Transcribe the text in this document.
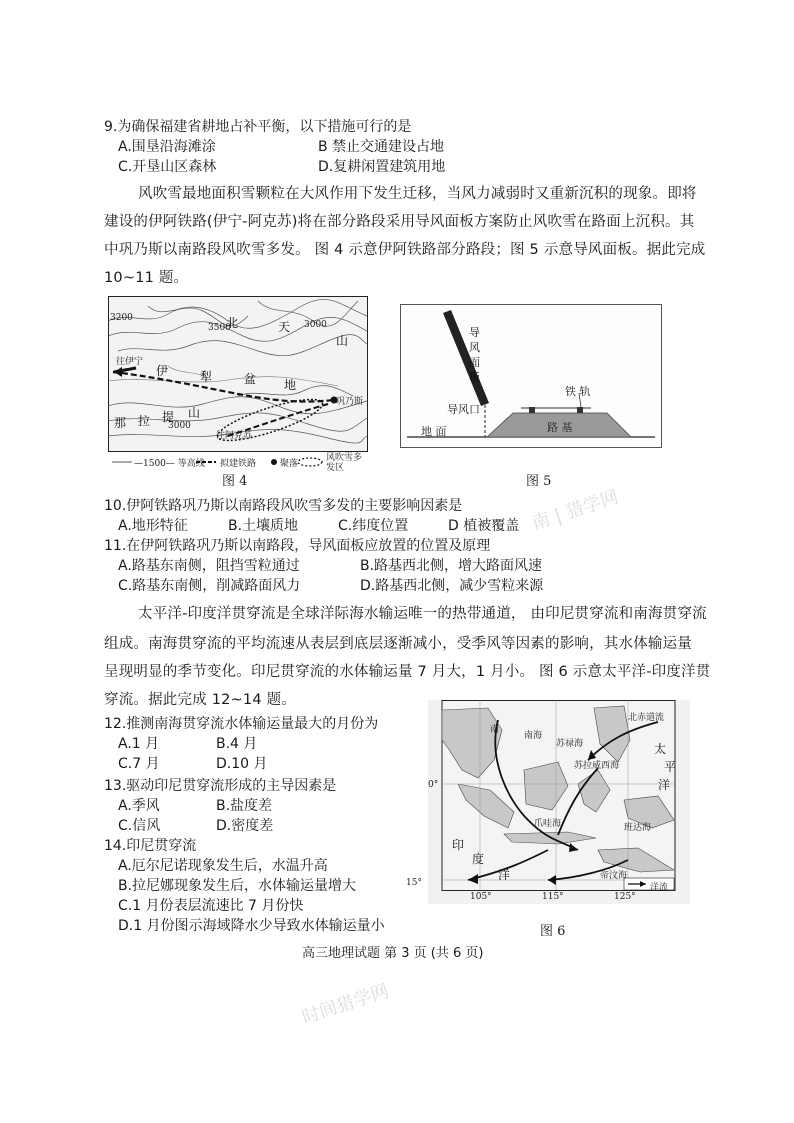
9.为确保福建省耕地占补平衡，以下措施可行的是
A.围垦沿海滩涂	B 禁止交通建设占地
C.开垦山区森林	D.复耕闲置建筑用地
风吹雪最地面积雪颗粒在大风作用下发生迁移，当风力减弱时又重新沉积的现象。即将
建设的伊阿铁路(伊宁-阿克苏)将在部分路段采用导风面板方案防止风吹雪在路面上沉积。其
中巩乃斯以南路段风吹雪多发。 图 4 示意伊阿铁路部分路段；图 5 示意导风面板。据此完成
10~11 题。
3200
3500	3000
3000
北	天
山
往伊宁
伊	犁	盆 地
巩乃斯
往阿克苏
那 拉 提 山
—1500— 等高线 拟建铁路	聚落
风吹雪多发区
图 4
导风面板
铁 轨
导风口
地 面	路 基
图 5
10.伊阿铁路巩乃斯以南路段风吹雪多发的主要影响因素是
A.地形特征	B.土壤质地	C.纬度位置	D 植被覆盖
11.在伊阿铁路巩乃斯以南路段，导风面板应放置的位置及原理
A.路基东南侧，阻挡雪粒通过	B.路基西北侧，增大路面风速
C.路基东南侧，削减路面风力	D.路基西北侧，减少雪粒来源
太平洋-印度洋贯穿流是全球洋际海水输运唯一的热带通道， 由印尼贯穿流和南海贯穿流
组成。南海贯穿流的平均流速从表层到底层逐渐减小，受季风等因素的影响，其水体输运量
呈现明显的季节变化。印尼贯穿流的水体输运量 7 月大，1 月小。 图 6 示意太平洋-印度洋贯
穿流。据此完成 12~14 题。
12.推测南海贯穿流水体输运量最大的月份为
A.1 月	B.4 月
C.7 月	D.10 月
13.驱动印尼贯穿流形成的主导因素是
A.季风	B.盐度差
C.信风	D.密度差
14.印尼贯穿流
A.厄尔尼诺现象发生后，水温升高
B.拉尼娜现象发生后，水体输运量增大
C.1 月份表层流速比 7 月份快
D.1 月份图示海域降水少导致水体输运量小
0°
15°
105°	115°	125°
南
南海
苏禄海
苏拉威西海
爪哇海	班达海
帝汶海
北赤道流
太
平
洋
印
度
洋
洋流
图 6
高三地理试题 第 3 页 (共 6 页)
南 | 猎学网
时间猎学网
